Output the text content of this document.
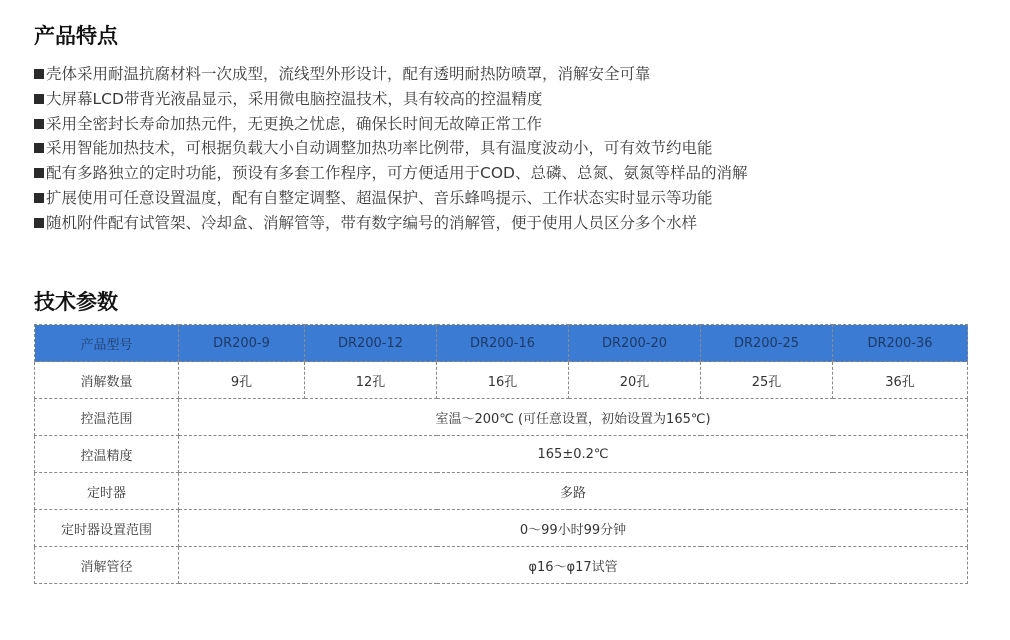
产品特点
壳体采用耐温抗腐材料一次成型，流线型外形设计，配有透明耐热防喷罩，消解安全可靠
大屏幕LCD带背光液晶显示，采用微电脑控温技术，具有较高的控温精度
采用全密封长寿命加热元件，无更换之忧虑，确保长时间无故障正常工作
采用智能加热技术，可根据负载大小自动调整加热功率比例带，具有温度波动小，可有效节约电能
配有多路独立的定时功能，预设有多套工作程序，可方便适用于COD、总磷、总氮、氨氮等样品的消解
扩展使用可任意设置温度，配有自整定调整、超温保护、音乐蜂鸣提示、工作状态实时显示等功能
随机附件配有试管架、冷却盒、消解管等，带有数字编号的消解管，便于使用人员区分多个水样
技术参数
产品型号	DR200-9	DR200-12	DR200-16	DR200-20	DR200-25	DR200-36
消解数量	9孔	12孔	16孔	20孔	25孔	36孔
控温范围	室温～200℃ (可任意设置，初始设置为165℃)					
控温精度	165±0.2℃					
定时器	多路					
定时器设置范围	0～99小时99分钟					
消解管径	φ16～φ17试管					
